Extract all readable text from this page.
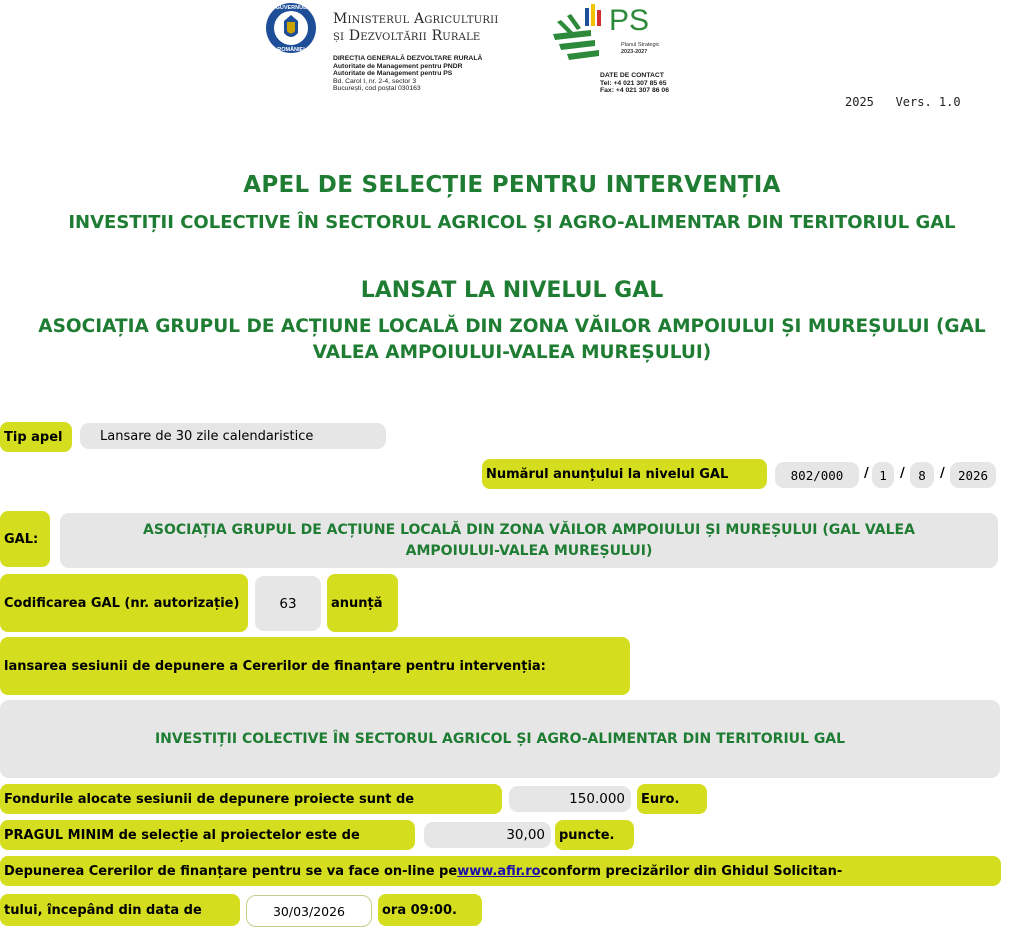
GUVERNUL
ROMÂNIEI
Ministerul Agriculturii
și Dezvoltării Rurale
DIRECȚIA GENERALĂ DEZVOLTARE RURALĂ
Autoritate de Management pentru PNDR
Autoritate de Management pentru PS
Bd. Carol I, nr. 2-4, sector 3
București, cod poștal 030163
PS
Planul Strategic
2023-2027
DATE DE CONTACT
Tel: +4 021 307 85 65
Fax: +4 021 307 86 06
2025   Vers. 1.0
APEL DE SELECȚIE PENTRU INTERVENȚIA
INVESTIȚII COLECTIVE ÎN SECTORUL AGRICOL ȘI AGRO-ALIMENTAR DIN TERITORIUL GAL
LANSAT LA NIVELUL GAL
ASOCIAȚIA GRUPUL DE ACȚIUNE LOCALĂ DIN ZONA VĂILOR AMPOIULUI ȘI MUREȘULUI (GAL VALEA AMPOIULUI-VALEA MUREȘULUI)
Tip apel	Lansare de 30 zile calendaristice
Numărul anunțului la nivelul GAL	802/000	/ 1	/	8	/	2026
GAL:
ASOCIAȚIA GRUPUL DE ACȚIUNE LOCALĂ DIN ZONA VĂILOR AMPOIULUI ȘI MUREȘULUI (GAL VALEA AMPOIULUI-VALEA MUREȘULUI)
Codificarea GAL (nr. autorizație)	63	anunță
lansarea sesiunii de depunere a Cererilor de finanțare pentru intervenția:
INVESTIȚII COLECTIVE ÎN SECTORUL AGRICOL ȘI AGRO-ALIMENTAR DIN TERITORIUL GAL
Fondurile alocate sesiunii de depunere proiecte sunt de	150.000	Euro.
PRAGUL MINIM de selecție al proiectelor este de	30,00	puncte.
Depunerea Cererilor de finanțare pentru se va face on-line pe www.afir.ro conform precizărilor din Ghidul Solicitan-
tului, începând din data de	30/03/2026	ora 09:00.
